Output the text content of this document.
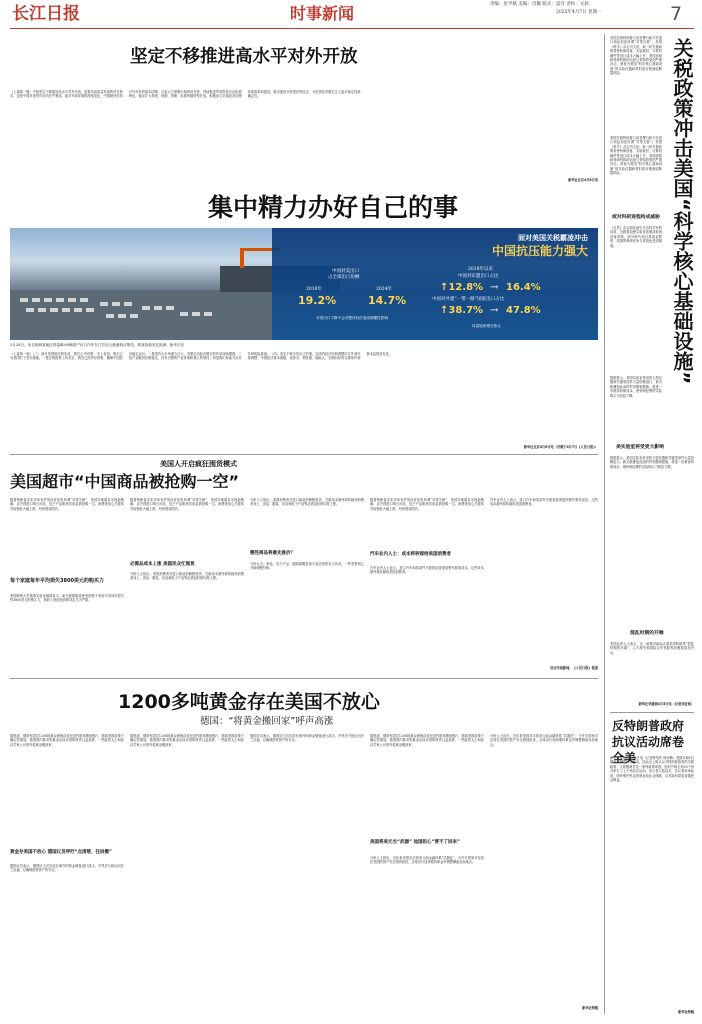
长江日报	责编：彭学斌 美编：肖璐 版式：夏洋 责校：文莉
2025年4月7日 星期一
时事新闻	7
坚定不移推进高水平对外开放
（上接第一版）中国坚定不移推进高水平对外开放，是推动高质量发展的内在要求，也是中国对世界作出的庄严承诺。面对外部环境的深刻变化，中国始终坚持对外开放的基本国策，以更大力度吸引和利用外资，持续推进贸易投资自由化便利化，稳步扩大规则、规制、管理、标准等制度型开放，积极参与全球经济治理体系改革和建设，推动建设开放型世界经济，为世界经济增长注入更多稳定性和确定性。
新华社北京4月6日电
集中精力办好自己的事
面对美国关税霸凌冲击
中国抗压能力强大
中国对美出口
占全部出口份额
2018年
19.2%
2024年
14.7%
对美出口下降不会对整体经济造成颠覆性影响
2018年以来
中国对东盟出口占比
↑12.8% → 16.4%
中国对共建“一带一路”国家出口占比
↑38.7% → 47.8%
体量较快增长势头
2月26日，来自欧洲某地区的超4000辆国产出口汽车在江苏连云港港码头集结，准备装船发往欧洲。新华社发
（上接第一版）（三）面对美国施压的危局，我们心中有数、手上有招。我们已为美国打下坚实基础。一是宏观政策工具充足，我们已经作好预案，确保中国经济稳定运行；二是国内大市场潜力巨大，内需拉动经济增长的作用持续增强；三是产业链供应链稳定，具有完整的产业体系和强大的韧性；四是我们有能力应对各种风险挑战。（四）坚定不移办好自己的事，以国内经济结构调整应对外部环境调整。中国经济基本面稳，优势多、韧性强、潜能大，长期向好的支撑条件和基本趋势没有变。
新华社北京4月6日电（刊载于4月7日《人民日报》）
美国人开启疯狂囤货模式
美国超市“中国商品被抢购一空”
随着特朗普宣布对所有贸易伙伴征收所谓“对等关税”，美国多地超市出现抢购潮，从中国进口的日用品、电子产品和家居用品被抢购一空。消费者担心关税将导致物价大幅上涨，纷纷提前囤货。
每个家庭每年平均损失3800美元的购买力
美国耶鲁大学预算实验室测算显示，新关税措施将使美国每个家庭平均每年损失约3800美元的购买力，低收入家庭受到的冲击尤为严重。
随着特朗普宣布对所有贸易伙伴征收所谓“对等关税”，美国多地超市出现抢购潮，从中国进口的日用品、电子产品和家居用品被抢购一空。消费者担心关税将导致物价大幅上涨，纷纷提前囤货。
必需品成本上涨 美国民众忙囤货
分析人士指出，美国消费者对进口商品依赖程度高，关税成本最终将转嫁到消费者身上，食品、服装、玩具和电子产品等必需品价格均将上涨。
分析人士指出，美国消费者对进口商品依赖程度高，关税成本最终将转嫁到消费者身上，食品、服装、玩具和电子产品等必需品价格均将上涨。
哪些商品将最先涨价？
分析认为，家电、电子产品、服装鞋帽及部分食品等将首当其冲，一些零售商已开始调整价格。
随着特朗普宣布对所有贸易伙伴征收所谓“对等关税”，美国多地超市出现抢购潮，从中国进口的日用品、电子产品和家居用品被抢购一空。消费者担心关税将导致物价大幅上涨，纷纷提前囤货。
汽车业内人士：成本将转嫁给美国消费者
汽车业内人士表示，进口汽车和零部件关税将显著提高整车制造成本，这些成本最终将转嫁给美国消费者。
汽车业内人士表示，进口汽车和零部件关税将显著提高整车制造成本，这些成本最终将转嫁给美国消费者。
综合央视新闻、《人民日报》报道
1200多吨黄金存在美国不放心
德国：“将黄金搬回家”呼声高涨
据报道，德国有超过1200吨黄金储备存放在纽约联邦储备银行，随着美国政策不确定性增加，德国国内要求将黄金运回本国的呼声日益高涨，一些政界人士和经济学家公开呼吁将黄金搬回家。
黄金存美国不放心 德国议员呼吁“点清楚、往回搬”
德国议员表示，德国应当对存放在海外的黄金储备进行清点，并考虑分批运回法兰克福，以确保国家资产的安全。
据报道，德国有超过1200吨黄金储备存放在纽约联邦储备银行，随着美国政策不确定性增加，德国国内要求将黄金运回本国的呼声日益高涨，一些政界人士和经济学家公开呼吁将黄金搬回家。
德国议员表示，德国应当对存放在海外的黄金储备进行清点，并考虑分批运回法兰克福，以确保国家资产的安全。
据报道，德国有超过1200吨黄金储备存放在纽约联邦储备银行，随着美国政策不确定性增加，德国国内要求将黄金运回本国的呼声日益高涨，一些政界人士和经济学家公开呼吁将黄金搬回家。
美国将美元当“武器” 他国担心“要不了回来”
分析人士指出，近年来美国多次将美元和金融体系“武器化”，令许多国家对存放在美国的资产安全感到担忧，全球央行加快增持黄金并调整储备存放地点。
分析人士指出，近年来美国多次将美元和金融体系“武器化”，令许多国家对存放在美国的资产安全感到担忧，全球央行加快增持黄金并调整储备存放地点。
新华社特稿
美国总统特朗普日前签署行政令对进口商品加征所谓“对等关税”。美国《科学》杂志刊文说，新一轮关税政策将使科研设备、实验耗材、计算机硬件等进口成本大幅上升，美国高校和科研机构的运营与采购将受到严重冲击，被视为美国“科学核心基础设施”的实验仪器和材料供应链面临断裂风险。	关税政策冲击美国“科学核心基础设施”
美国总统特朗普日前签署行政令对进口商品加征所谓“对等关税”。美国《科学》杂志刊文说，新一轮关税政策将使科研设备、实验耗材、计算机硬件等进口成本大幅上升，美国高校和科研机构的运营与采购将受到严重冲击，被视为美国“科学核心基础设施”的实验仪器和材料供应链面临断裂风险。
或对科研进程构成威胁
《自然》杂志网站援引多位科学家的话说，关税将迫使实验室延缓或取消设备采购，部分研究项目将被迫暂停，美国的科研竞争力将因此受到削弱。
数据显示，美国实验室常用的大型仪器和关键零部件大量依赖进口，新关税叠加此前的贸易限制措施，将进一步推高科研成本，使科研经费的实际购买力明显下降。
美实验室将受更大影响
数据显示，美国实验室常用的大型仪器和关键零部件大量依赖进口，新关税叠加此前的贸易限制措施，将进一步推高科研成本，使科研经费的实际购买力明显下降。
混乱时期的开端
美国业界人士表示，这一政策可能标志着美国科研界“混乱时期的开端”，人才流失和国际合作受阻等问题将更加突出。
新华社华盛顿4月5日电（记者刘亚南）
反特朗普政府抗议活动席卷全美
新华社华盛顿4月5日电（记者熊茂伶 徐剑梅）美国多地5日爆发大规模抗议活动，民众走上街头反对特朗普政府的关税政策、大规模裁员及一系列政策举措。组织方称全美50个州共举行了上千场抗议活动，参与者人数众多，抗议者高举标语，呼吁保护民众的就业和社会保障，反对政府损害普通民众利益。
新华社特稿
